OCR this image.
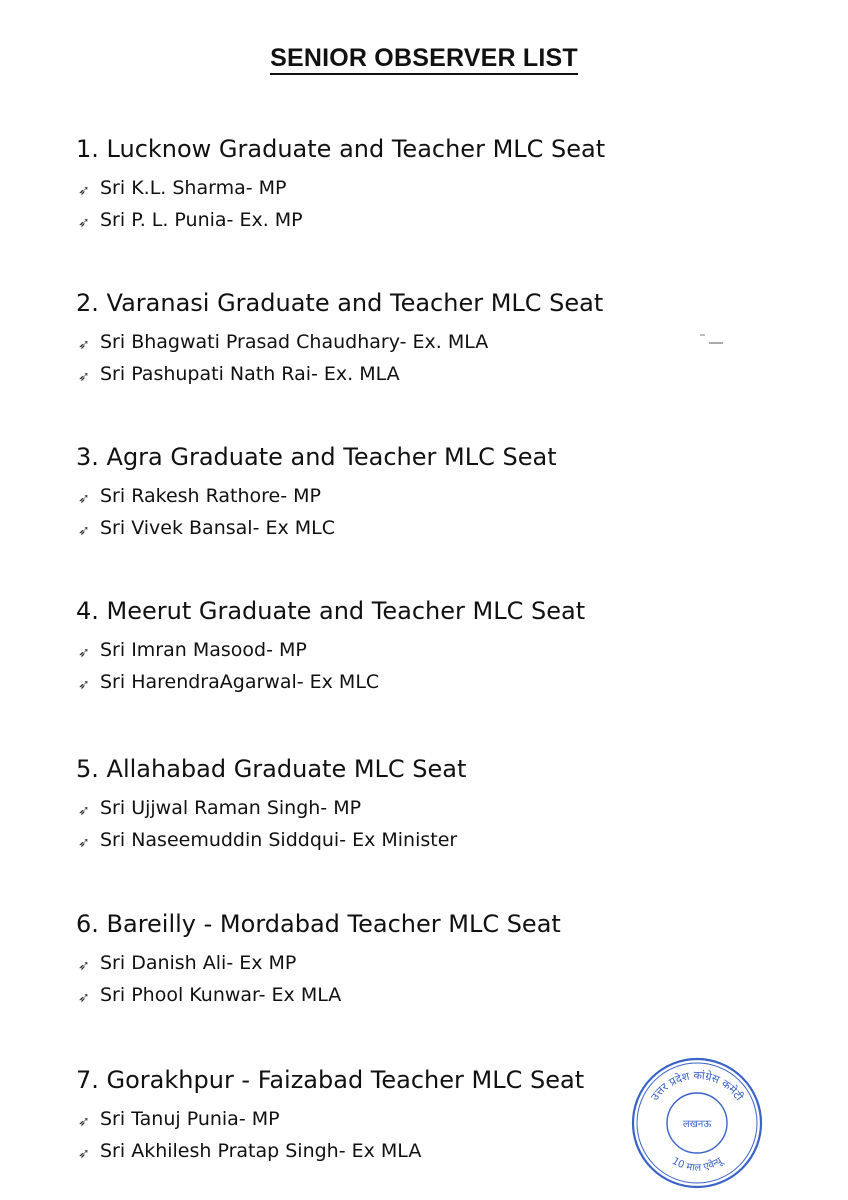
SENIOR OBSERVER LIST

1. Lucknow Graduate and Teacher MLC Seat

➶ Sri K.L. Sharma- MP
➶ Sri P. L. Punia- Ex. MP

2. Varanasi Graduate and Teacher MLC Seat

➶ Sri Bhagwati Prasad Chaudhary- Ex. MLA
➶ Sri Pashupati Nath Rai- Ex. MLA

3. Agra Graduate and Teacher MLC Seat

➶ Sri Rakesh Rathore- MP
➶ Sri Vivek Bansal- Ex MLC

4. Meerut Graduate and Teacher MLC Seat

➶ Sri Imran Masood- MP
➶ Sri HarendraAgarwal- Ex MLC

5. Allahabad Graduate MLC Seat

➶ Sri Ujjwal Raman Singh- MP
➶ Sri Naseemuddin Siddqui- Ex Minister

6. Bareilly - Mordabad Teacher MLC Seat

➶ Sri Danish Ali- Ex MP
➶ Sri Phool Kunwar- Ex MLA

7. Gorakhpur - Faizabad Teacher MLC Seat

➶ Sri Tanuj Punia- MP
➶ Sri Akhilesh Pratap Singh- Ex MLA
उत्तर प्रदेश कांग्रेस कमेटी
लखनऊ
10 माल एवेन्यू
